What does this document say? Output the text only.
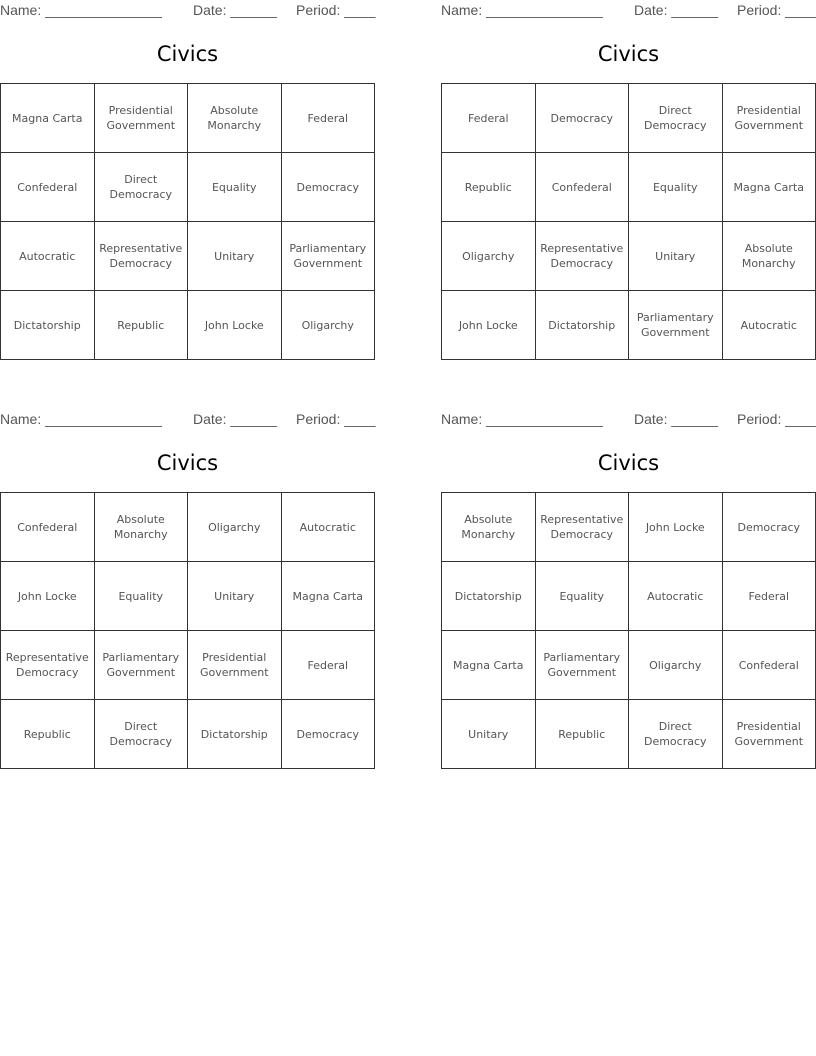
Name: _______________ Date: ______ Period: ____
Civics
Magna Carta	Presidential Government	Absolute Monarchy	Federal
Confederal	Direct Democracy	Equality	Democracy
Autocratic	Representative Democracy	Unitary	Parliamentary Government
Dictatorship	Republic	John Locke	Oligarchy
Name: _______________ Date: ______ Period: ____
Civics
Federal	Democracy	Direct Democracy	Presidential Government
Republic	Confederal	Equality	Magna Carta
Oligarchy	Representative Democracy	Unitary	Absolute Monarchy
John Locke	Dictatorship	Parliamentary Government	Autocratic
Name: _______________ Date: ______ Period: ____
Civics
Confederal	Absolute Monarchy	Oligarchy	Autocratic
John Locke	Equality	Unitary	Magna Carta
Representative Democracy	Parliamentary Government	Presidential Government	Federal
Republic	Direct Democracy	Dictatorship	Democracy
Name: _______________ Date: ______ Period: ____
Civics
Absolute Monarchy	Representative Democracy	John Locke	Democracy
Dictatorship	Equality	Autocratic	Federal
Magna Carta	Parliamentary Government	Oligarchy	Confederal
Unitary	Republic	Direct Democracy	Presidential Government
